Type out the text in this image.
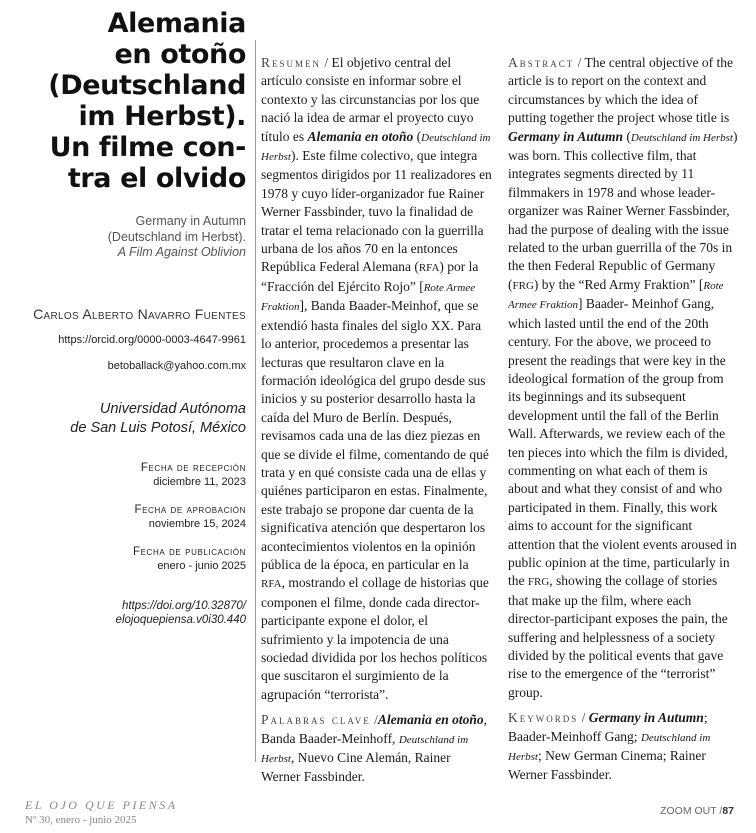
Alemania
en otoño
(Deutschland
im Herbst).
Un filme con-
tra el olvido
Germany in Autumn
(Deutschland im Herbst).
A Film Against Oblivion
Carlos Alberto Navarro Fuentes
https://orcid.org/0000-0003-4647-9961
betoballack@yahoo.com.mx
Universidad Autónoma
de San Luis Potosí, México
Fecha de recepción
diciembre 11, 2023
Fecha de aprobación
noviembre 15, 2024
Fecha de publicación
enero - junio 2025
https://doi.org/10.32870/
elojoquepiensa.v0i30.440

Resumen / El objetivo central del artículo consiste en informar sobre el contexto y las circunstancias por los que nació la idea de armar el proyecto cuyo título es Alemania en otoño (Deutschland im Herbst). Este filme colectivo, que integra segmentos dirigidos por 11 realizadores en 1978 y cuyo líder-organizador fue Rainer Werner Fassbinder, tuvo la finalidad de tratar el tema relacionado con la guerrilla urbana de los años 70 en la entonces República Federal Alemana (RFA) por la “Fracción del Ejército Rojo” [Rote Armee Fraktion], Banda Baader-Meinhof, que se extendió hasta finales del siglo XX. Para lo anterior, procedemos a presentar las lecturas que resultaron clave en la formación ideológica del grupo desde sus inicios y su posterior desarrollo hasta la caída del Muro de Berlín. Después, revisamos cada una de las diez piezas en que se divide el filme, comentando de qué trata y en qué consiste cada una de ellas y quiénes participaron en estas. Finalmente, este trabajo se propone dar cuenta de la significativa atención que despertaron los acontecimientos violentos en la opinión pública de la época, en particular en la RFA, mostrando el collage de historias que componen el filme, donde cada director-participante expone el dolor, el sufrimiento y la impotencia de una sociedad dividida por los hechos políticos que suscitaron el surgimiento de la agrupación “terrorista”.

Palabras clave /Alemania en otoño, Banda Baader-Meinhoff, Deutschland im Herbst, Nuevo Cine Alemán, Rainer Werner Fassbinder.

Abstract / The central objective of the article is to report on the context and circumstances by which the idea of putting together the project whose title is Germany in Autumn (Deutschland im Herbst) was born. This collective film, that integrates segments directed by 11 filmmakers in 1978 and whose leader-organizer was Rainer Werner Fassbinder, had the purpose of dealing with the issue related to the urban guerrilla of the 70s in the then Federal Republic of Germany (FRG) by the “Red Army Fraktion” [Rote Armee Fraktion] Baader- Meinhof Gang, which lasted until the end of the 20th century. For the above, we proceed to present the readings that were key in the ideological formation of the group from its beginnings and its subsequent development until the fall of the Berlin Wall. Afterwards, we review each of the ten pieces into which the film is divided, commenting on what each of them is about and what they consist of and who participated in them. Finally, this work aims to account for the significant attention that the violent events aroused in public opinion at the time, particularly in the FRG, showing the collage of stories that make up the film, where each director-participant exposes the pain, the suffering and helplessness of a society divided by the political events that gave rise to the emergence of the “terrorist” group.

Keywords / Germany in Autumn; Baader-Meinhoff Gang; Deutschland im Herbst; New German Cinema; Rainer Werner Fassbinder.

EL OJO QUE PIENSA
Nº 30, enero - junio 2025
ZOOM OUT /87
